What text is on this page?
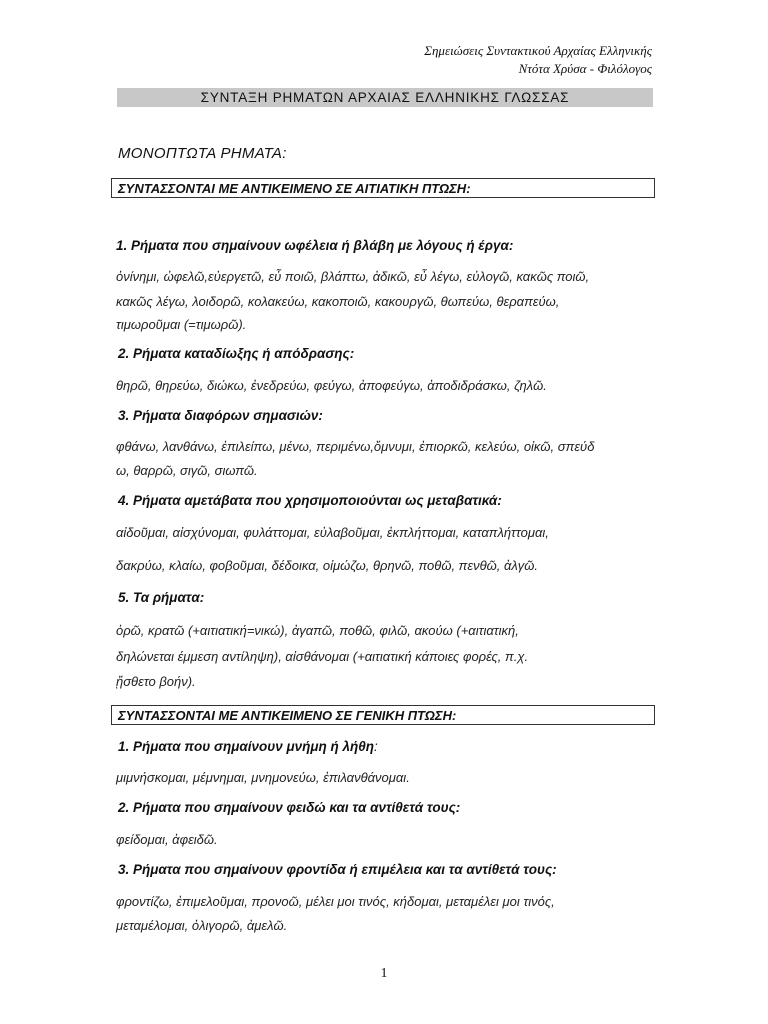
Σημειώσεις Συντακτικού Αρχαίας Ελληνικής
Ντότα Χρύσα - Φιλόλογος
ΣΥΝΤΑΞΗ ΡΗΜΑΤΩΝ ΑΡΧΑΙΑΣ ΕΛΛΗΝΙΚΗΣ ΓΛΩΣΣΑΣ
ΜΟΝΟΠΤΩΤΑ ΡΗΜΑΤΑ:
ΣΥΝΤΑΣΣΟΝΤΑΙ ΜΕ ΑΝΤΙΚΕΙΜΕΝΟ ΣΕ ΑΙΤΙΑΤΙΚΗ ΠΤΩΣΗ:
1. Ρήματα που σημαίνουν ωφέλεια ή βλάβη με λόγους ή έργα:
ὀνίνημι, ὠφελῶ,εὐεργετῶ, εὖ ποιῶ, βλάπτω, ἀδικῶ, εὖ λέγω, εὐλογῶ, κακῶς ποιῶ,
κακῶς λέγω, λοιδορῶ, κολακεύω, κακοποιῶ, κακουργῶ, θωπεύω, θεραπεύω,
τιμωροῦμαι (=τιμωρῶ).
2. Ρήματα καταδίωξης ή απόδρασης:
θηρῶ, θηρεύω, διώκω, ἐνεδρεύω, φεύγω, ἀποφεύγω, ἀποδιδράσκω, ζηλῶ.
3. Ρήματα διαφόρων σημασιών:
φθάνω, λανθάνω, ἐπιλείπω, μένω, περιμένω,ὄμνυμι, ἐπιορκῶ, κελεύω, οἰκῶ, σπεύδ
ω, θαρρῶ, σιγῶ, σιωπῶ.
4. Ρήματα αμετάβατα που χρησιμοποιούνται ως μεταβατικά:
αἰδοῦμαι, αἰσχύνομαι, φυλάττομαι, εὐλαβοῦμαι, ἐκπλήττομαι, καταπλήττομαι,
δακρύω, κλαίω, φοβοῦμαι, δέδοικα, οἰμώζω, θρηνῶ, ποθῶ, πενθῶ, ἀλγῶ.
5. Τα ρήματα:
ὁρῶ, κρατῶ (+αιτιατική=νικώ), ἀγαπῶ, ποθῶ, φιλῶ, ακούω (+αιτιατική,
δηλώνεται έμμεση αντίληψη), αἰσθάνομαι (+αιτιατική κάποιες φορές, π.χ.
ᾔσθετο βοήν).
ΣΥΝΤΑΣΣΟΝΤΑΙ ΜΕ ΑΝΤΙΚΕΙΜΕΝΟ ΣΕ ΓΕΝΙΚΗ ΠΤΩΣΗ:
1. Ρήματα που σημαίνουν μνήμη ή λήθη:
μιμνήσκομαι, μέμνημαι, μνημονεύω, ἐπιλανθάνομαι.
2. Ρήματα που σημαίνουν φειδώ και τα αντίθετά τους:
φείδομαι, ἀφειδῶ.
3. Ρήματα που σημαίνουν φροντίδα ή επιμέλεια και τα αντίθετά τους:
φροντίζω, ἐπιμελοῦμαι, προνοῶ, μέλει μοι τινός, κήδομαι, μεταμέλει μοι τινός,
μεταμέλομαι, ὀλιγορῶ, ἀμελῶ.
1
